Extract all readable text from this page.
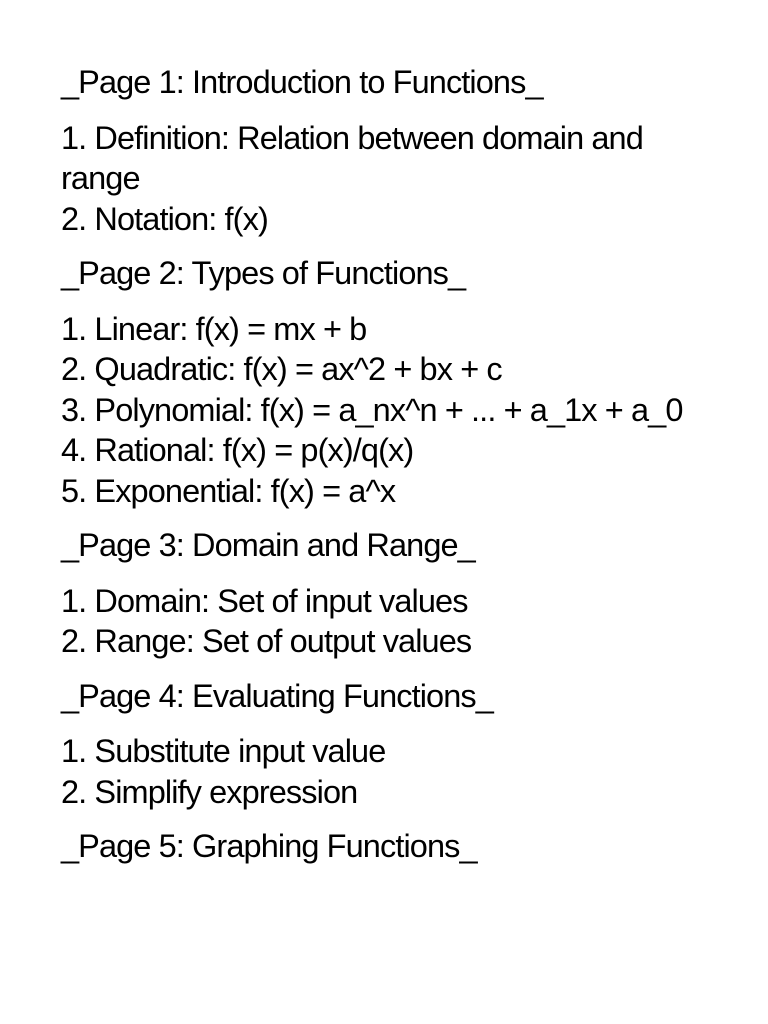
_Page 1: Introduction to Functions_

1. Definition: Relation between domain and range
2. Notation: f(x)

_Page 2: Types of Functions_

1. Linear: f(x) = mx + b
2. Quadratic: f(x) = ax^2 + bx + c
3. Polynomial: f(x) = a_nx^n + ... + a_1x + a_0
4. Rational: f(x) = p(x)/q(x)
5. Exponential: f(x) = a^x

_Page 3: Domain and Range_

1. Domain: Set of input values
2. Range: Set of output values

_Page 4: Evaluating Functions_

1. Substitute input value
2. Simplify expression

_Page 5: Graphing Functions_
